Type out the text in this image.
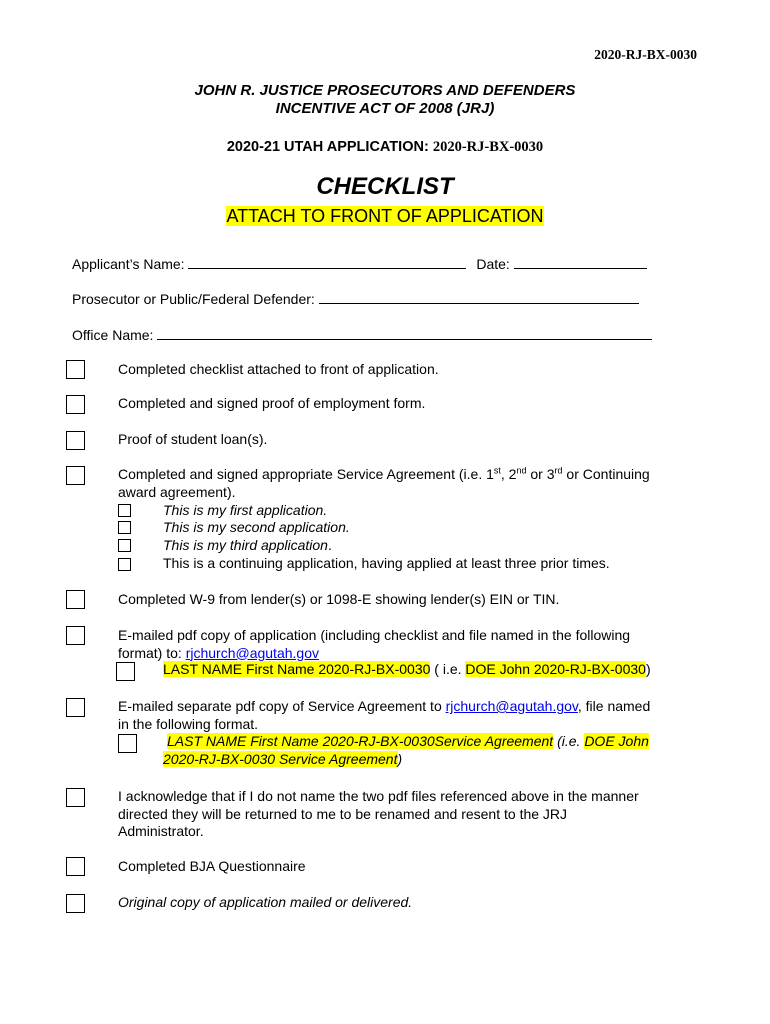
2020-RJ-BX-0030
JOHN R. JUSTICE PROSECUTORS AND DEFENDERS
INCENTIVE ACT OF 2008 (JRJ)
2020-21 UTAH APPLICATION: 2020-RJ-BX-0030
CHECKLIST
ATTACH TO FRONT OF APPLICATION
Applicant’s Name:	Date:
Prosecutor or Public/Federal Defender:
Office Name:
Completed checklist attached to front of application.
Completed and signed proof of employment form.
Proof of student loan(s).
Completed and signed appropriate Service Agreement (i.e. 1st, 2nd or 3rd or Continuing
award agreement).
This is my first application.
This is my second application.
This is my third application.
This is a continuing application, having applied at least three prior times.
Completed W-9 from lender(s) or 1098-E showing lender(s) EIN or TIN.
E-mailed pdf copy of application (including checklist and file named in the following
format) to: rjchurch@agutah.gov
LAST NAME First Name 2020-RJ-BX-0030 ( i.e. DOE John 2020-RJ-BX-0030)
E-mailed separate pdf copy of Service Agreement to rjchurch@agutah.gov, file named
in the following format.
LAST NAME First Name 2020-RJ-BX-0030Service Agreement (i.e. DOE John
2020-RJ-BX-0030 Service Agreement)
I acknowledge that if I do not name the two pdf files referenced above in the manner
directed they will be returned to me to be renamed and resent to the JRJ
Administrator.
Completed BJA Questionnaire
Original copy of application mailed or delivered.
